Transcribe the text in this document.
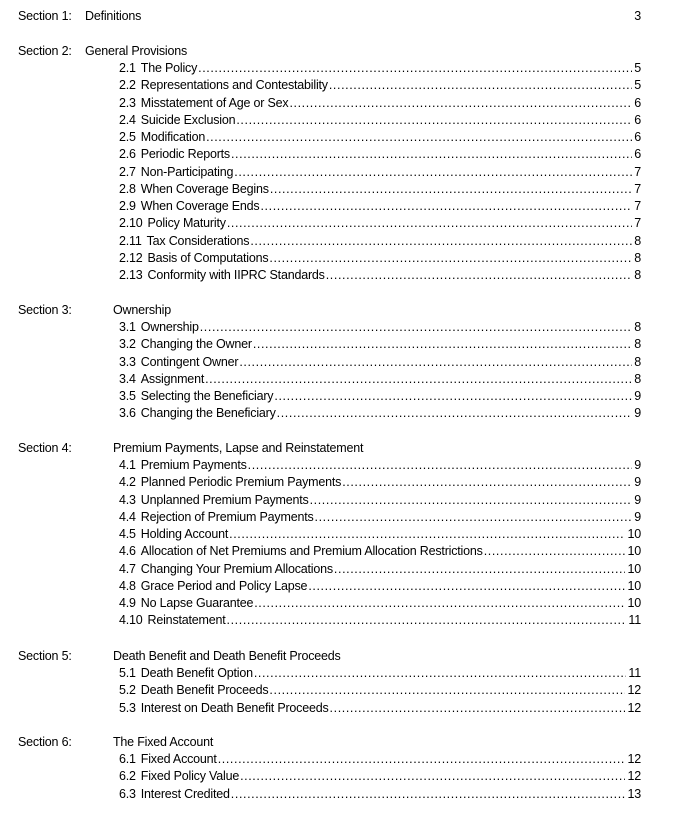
Section 1: Definitions	3
Section 2: General Provisions
2.1 The Policy .....	5
2.2 Representations and Contestability .....	5
2.3 Misstatement of Age or Sex .....	6
2.4 Suicide Exclusion .....	6
2.5 Modification .....	6
2.6 Periodic Reports .....	6
2.7 Non-Participating .....	7
2.8 When Coverage Begins .....	7
2.9 When Coverage Ends .....	7
2.10 Policy Maturity .....	7
2.11 Tax Considerations .....	8
2.12 Basis of Computations .....	8
2.13 Conformity with IIPRC Standards .....	8
Section 3:	Ownership
3.1 Ownership .....	8
3.2 Changing the Owner .....	8
3.3 Contingent Owner .....	8
3.4 Assignment .....	8
3.5 Selecting the Beneficiary .....	9
3.6 Changing the Beneficiary .....	9
Section 4:	Premium Payments, Lapse and Reinstatement
4.1 Premium Payments .....	9
4.2 Planned Periodic Premium Payments .....	9
4.3 Unplanned Premium Payments .....	9
4.4 Rejection of Premium Payments .....	9
4.5 Holding Account .....	10
4.6 Allocation of Net Premiums and Premium Allocation Restrictions .....	10
4.7 Changing Your Premium Allocations .....	10
4.8 Grace Period and Policy Lapse .....	10
4.9 No Lapse Guarantee .....	10
4.10 Reinstatement .....	11
Section 5:	Death Benefit and Death Benefit Proceeds
5.1 Death Benefit Option .....	11
5.2 Death Benefit Proceeds .....	12
5.3 Interest on Death Benefit Proceeds .....	12
Section 6:	The Fixed Account
6.1 Fixed Account .....	12
6.2 Fixed Policy Value .....	12
6.3 Interest Credited .....	13
